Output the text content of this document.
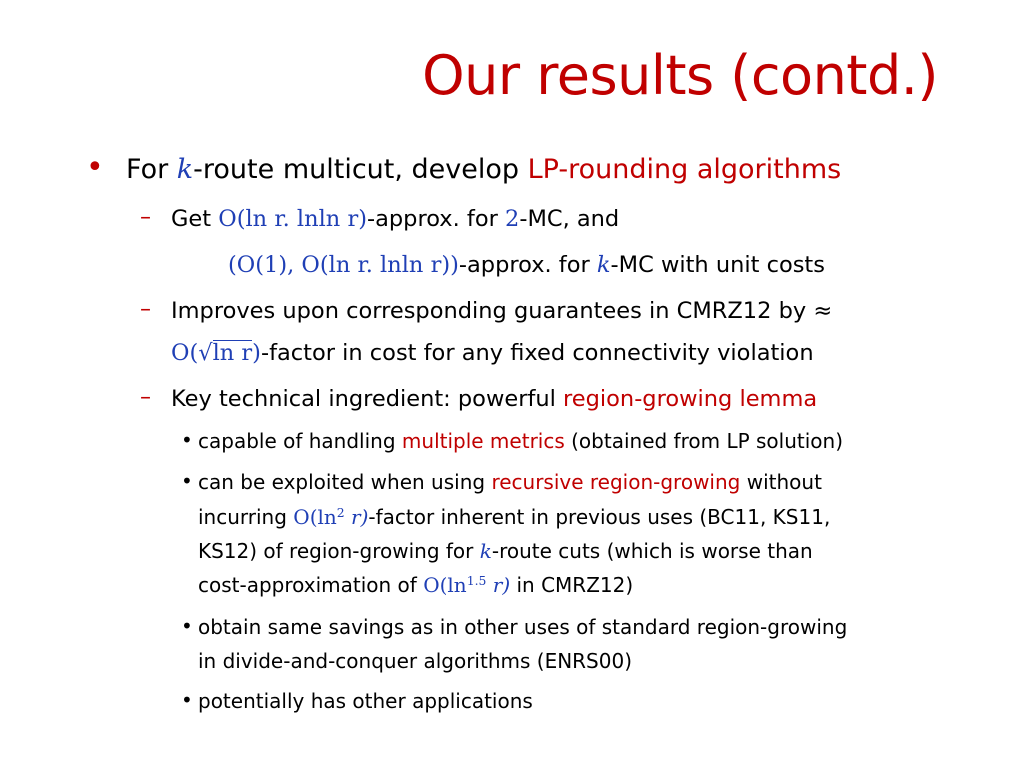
Our results (contd.)
• For k-route multicut, develop LP-rounding algorithms
– Get O(ln r. lnln r)-approx. for 2-MC, and
(O(1), O(ln r. lnln r))-approx. for k-MC with unit costs
– Improves upon corresponding guarantees in CMRZ12 by ≈
O(√ln r)-factor in cost for any fixed connectivity violation
– Key technical ingredient: powerful region-growing lemma
• capable of handling multiple metrics (obtained from LP solution)
• can be exploited when using recursive region-growing without
incurring $O(\ln^2$ r)-factor inherent in previous uses (BC11, KS11,
KS12) of region-growing for k-route cuts (which is worse than
cost-approximation of $O(\ln^{1.5}$ r) in CMRZ12)
• obtain same savings as in other uses of standard region-growing
in divide-and-conquer algorithms (ENRS00)
• potentially has other applications
